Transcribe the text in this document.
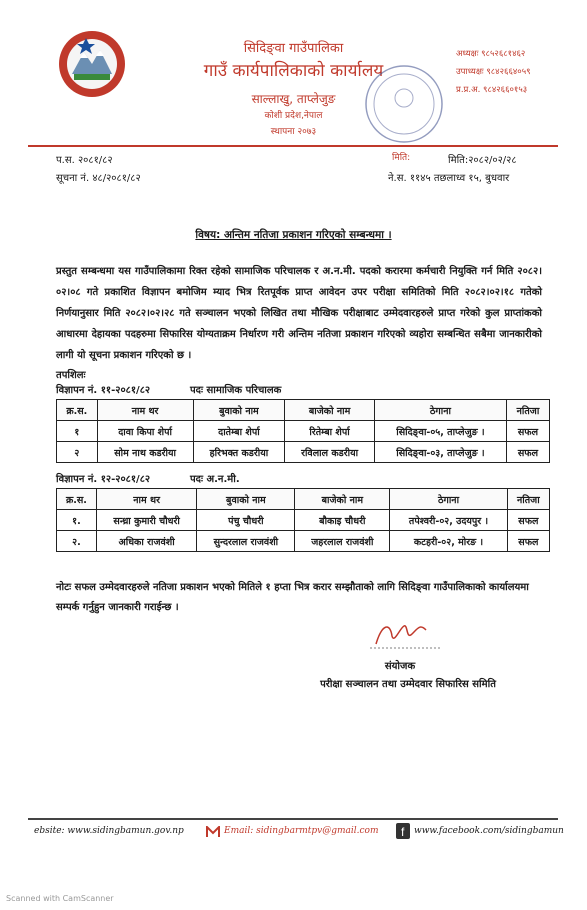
सिदिङ्वा गाउँपालिका
गाउँ कार्यपालिकाको कार्यालय
साल्लाखु, ताप्लेजुङ
कोशी प्रदेश,नेपाल
स्थापना २०७३
अध्यक्षः ९८५२६८१४६२
उपाध्यक्षः ९८४२६६४०५९
प्र.प्र.अ. ९८४२६६०१५३
मिति:
प.स. २०८१/८२
सूचना नं. ४८/२०८१/८२
मिति:२०८२/०२/२८
ने.स. ११४५ तछलाध्व १५, बुधवार
विषय: अन्तिम नतिजा प्रकाशन गरिएको सम्बन्धमा ।
प्रस्तुत सम्बन्धमा यस गाउँपालिकामा रिक्त रहेको सामाजिक परिचालक र अ.न.मी. पदको करारमा कर्मचारी नियुक्ति गर्न मिति २०८२।०२।०८ गते प्रकाशित विज्ञापन बमोजिम म्याद भित्र रितपूर्वक प्राप्त आवेदन उपर परीक्षा समितिको मिति २०८२।०२।१८ गतेको निर्णयानुसार मिति २०८२।०२।२८ गते सञ्चालन भएको लिखित तथा मौखिक परीक्षाबाट उम्मेदवारहरुले प्राप्त गरेको कुल प्राप्तांकको आधारमा देहायका पदहरुमा सिफारिस योग्यताक्रम निर्धारण गरी अन्तिम नतिजा प्रकाशन गरिएको व्यहोरा सम्बन्धित सबैमा जानकारीको लागी यो सूचना प्रकाशन गरिएको छ ।
तपशिलः
विज्ञापन नं. ११-२०८१/८२	पदः सामाजिक परिचालक
क्र.स.	नाम थर	बुवाको नाम	बाजेको नाम	ठेगाना	नतिजा
१	दावा किपा शेर्पा	दातेम्बा शेर्पा	रितेम्बा शेर्पा	सिदिङ्वा-०५, ताप्लेजुङ ।	सफल
२	सोम नाथ कडरीया	हरिभक्त कडरीया	रविलाल कडरीया	सिदिङ्वा-०३, ताप्लेजुङ ।	सफल
विज्ञापन नं. १२-२०८१/८२	पदः अ.न.मी.
क्र.स.	नाम थर	बुवाको नाम	बाजेको नाम	ठेगाना	नतिजा
१.	सन्ध्रा कुमारी चौधरी	पंचु चौधरी	बौकाइ चौधरी	तपेश्वरी-०२, उदयपुर ।	सफल
२.	अधिका राजवंशी	सुन्दरलाल राजवंशी	जहरलाल राजवंशी	कटहरी-०२, मोरङ ।	सफल
नोटः सफल उम्मेदवारहरुले नतिजा प्रकाशन भएको मितिले १ हप्ता भित्र करार सम्झौताको लागि सिदिङ्वा गाउँपालिकाको कार्यालयमा सम्पर्क गर्नुहुन जानकारी गराईन्छ ।
संयोजक
परीक्षा सञ्चालन तथा उम्मेदवार सिफारिस समिति
ebsite: www.sidingbamun.gov.np	Email: sidingbarmtpv@gmail.com f www.facebook.com/sidingbamun
Scanned with CamScanner
